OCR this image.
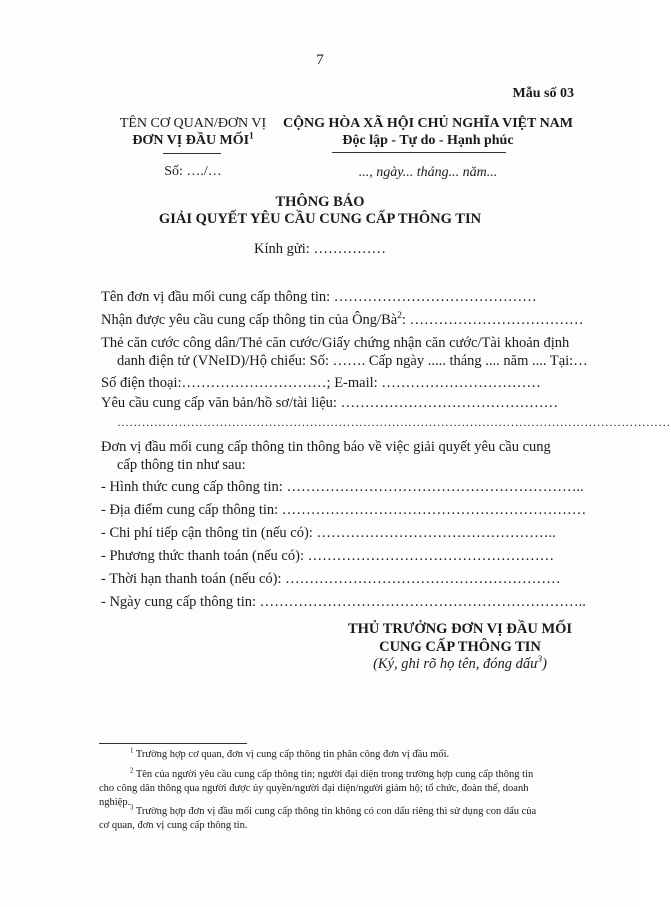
7
Mẫu số 03
TÊN CƠ QUAN/ĐƠN VỊ
ĐƠN VỊ ĐẦU MỐI$^1$
CỘNG HÒA XÃ HỘI CHỦ NGHĨA VIỆT NAM
Độc lập - Tự do - Hạnh phúc
Số: …./…	..., ngày... tháng... năm...
THÔNG BÁO
GIẢI QUYẾT YÊU CẦU CUNG CẤP THÔNG TIN
Kính gửi: ……………
Tên đơn vị đầu mối cung cấp thông tin: ……………………………………
Nhận được yêu cầu cung cấp thông tin của Ông/$Bà^2$: ………………………………
Thẻ căn cước công dân/Thẻ căn cước/Giấy chứng nhận căn cước/Tài khoản định
danh điện tử (VNeID)/Hộ chiếu: Số: ……. Cấp ngày ..... tháng .... năm .... Tại:…
Số điện thoại:…………………………; E-mail: ……………………………
Yêu cầu cung cấp văn bản/hồ sơ/tài liệu: ………………………………………
………………………………………………………………………………………………………………………
Đơn vị đầu mối cung cấp thông tin thông báo về việc giải quyết yêu cầu cung
cấp thông tin như sau:
- Hình thức cung cấp thông tin: ……………………………………………………..
- Địa điểm cung cấp thông tin: ………………………………………………………
- Chi phí tiếp cận thông tin (nếu có): …………………………………………..
- Phương thức thanh toán (nếu có): ……………………………………………
- Thời hạn thanh toán (nếu có): …………………………………………………
- Ngày cung cấp thông tin: …………………………………………………………..
THỦ TRƯỞNG ĐƠN VỊ ĐẦU MỐI
CUNG CẤP THÔNG TIN
(Ký, ghi rõ họ tên, đóng dấu$^3$)
$^1$ Trường hợp cơ quan, đơn vị cung cấp thông tin phân công đơn vị đầu mối.
$^2$ Tên của người yêu cầu cung cấp thông tin; người đại diện trong trường hợp cung cấp thông tin
cho công dân thông qua người được ủy quyền/người đại diện/người giám hộ; tổ chức, đoàn thể, doanh
nghiệp. $^3$ Trường hợp đơn vị đầu mối cung cấp thông tin không có con dấu riêng thì sử dụng con dấu của
cơ quan, đơn vị cung cấp thông tin.
